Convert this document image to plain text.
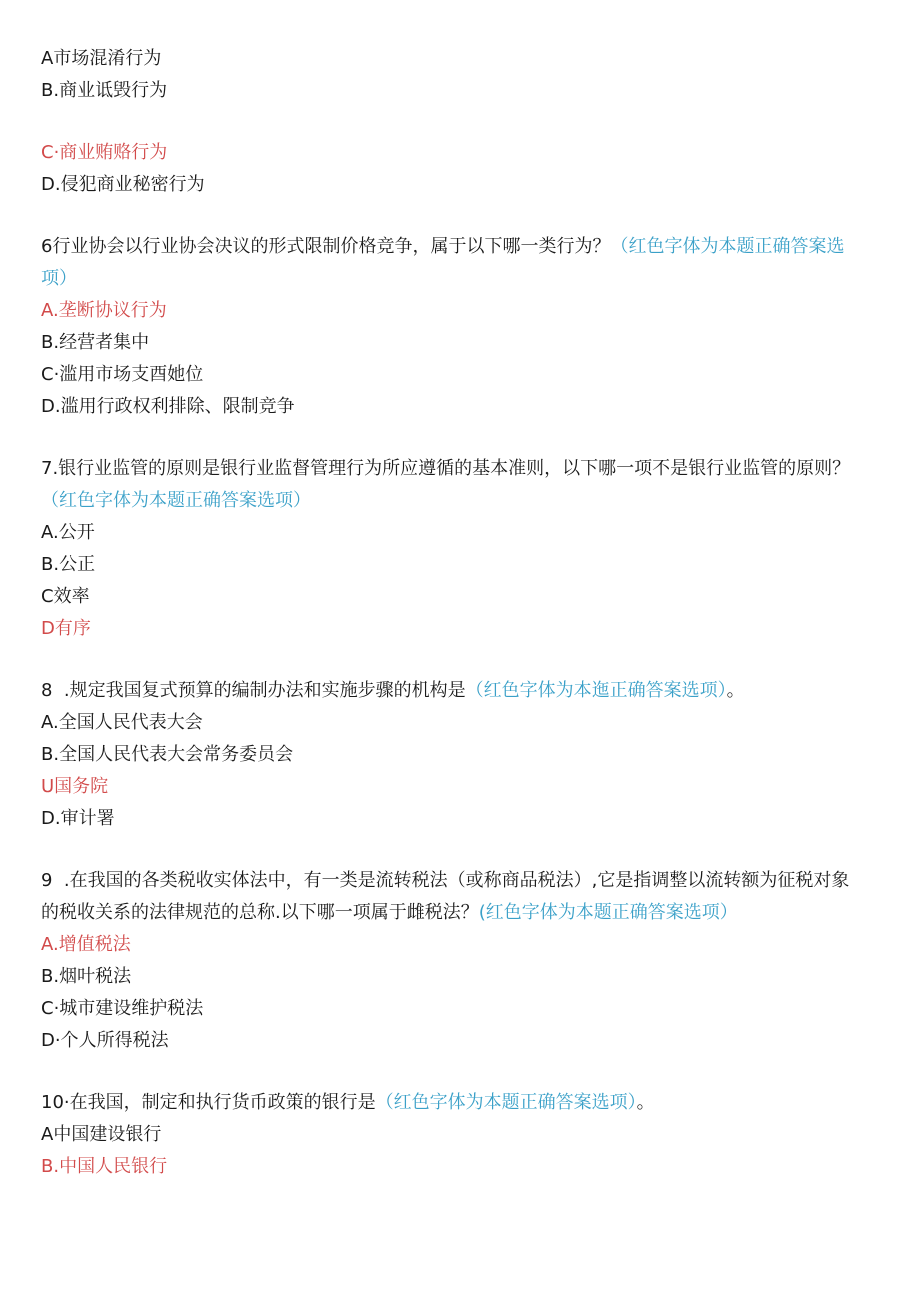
A市场混淆行为
B.商业诋毁行为
C·商业贿赂行为
D.侵犯商业秘密行为
6行业协会以行业协会决议的形式限制价格竞争，属于以下哪一类行为？（红色字体为本题正确答案选
项）
A.垄断协议行为
B.经营者集中
C·滥用市场支酉她位
D.滥用行政权利排除、限制竞争
7.银行业监管的原则是银行业监督管理行为所应遵循的基本准则，以下哪一项不是银行业监管的原则？
（红色字体为本题正确答案选项）
A.公开
B.公正
C效率
D有序
8  .规定我国复式预算的编制办法和实施步骤的机构是（红色字体为本迤正确答案选项）。
A.全国人民代表大会
B.全国人民代表大会常务委员会
U国务院
D.审计署
9  .在我国的各类税收实体法中，有一类是流转税法（或称商品税法）,它是指调整以流转额为征税对象
的税收关系的法律规范的总称.以下哪一项属于雌税法？(红色字体为本题正确答案选项）
A.增值税法
B.烟叶税法
C·城市建设维护税法
D·个人所得税法
10·在我国，制定和执行货币政策的银行是（红色字体为本题正确答案选项）。
A中国建设银行
B.中国人民银行
